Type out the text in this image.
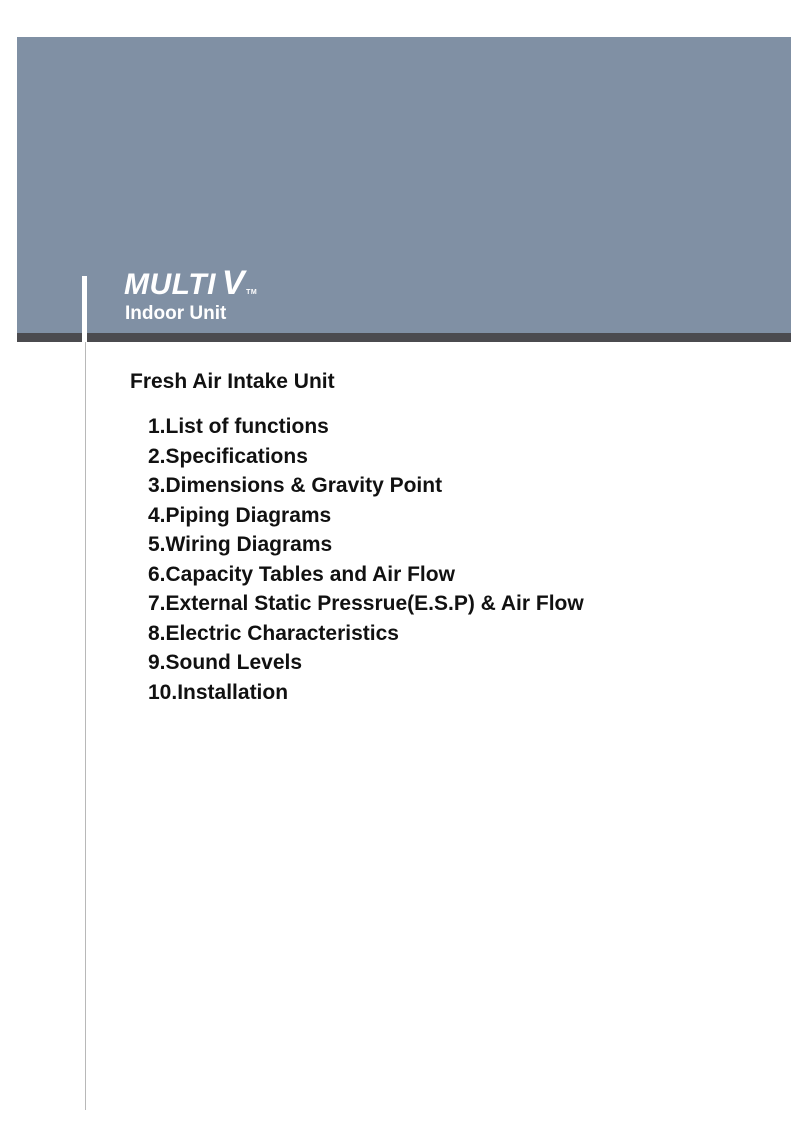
MULTI VTM
Indoor Unit
Fresh Air Intake Unit
1.List of functions
2.Specifications
3.Dimensions & Gravity Point
4.Piping Diagrams
5.Wiring Diagrams
6.Capacity Tables and Air Flow
7.External Static Pressrue(E.S.P) & Air Flow
8.Electric Characteristics
9.Sound Levels
10.Installation
